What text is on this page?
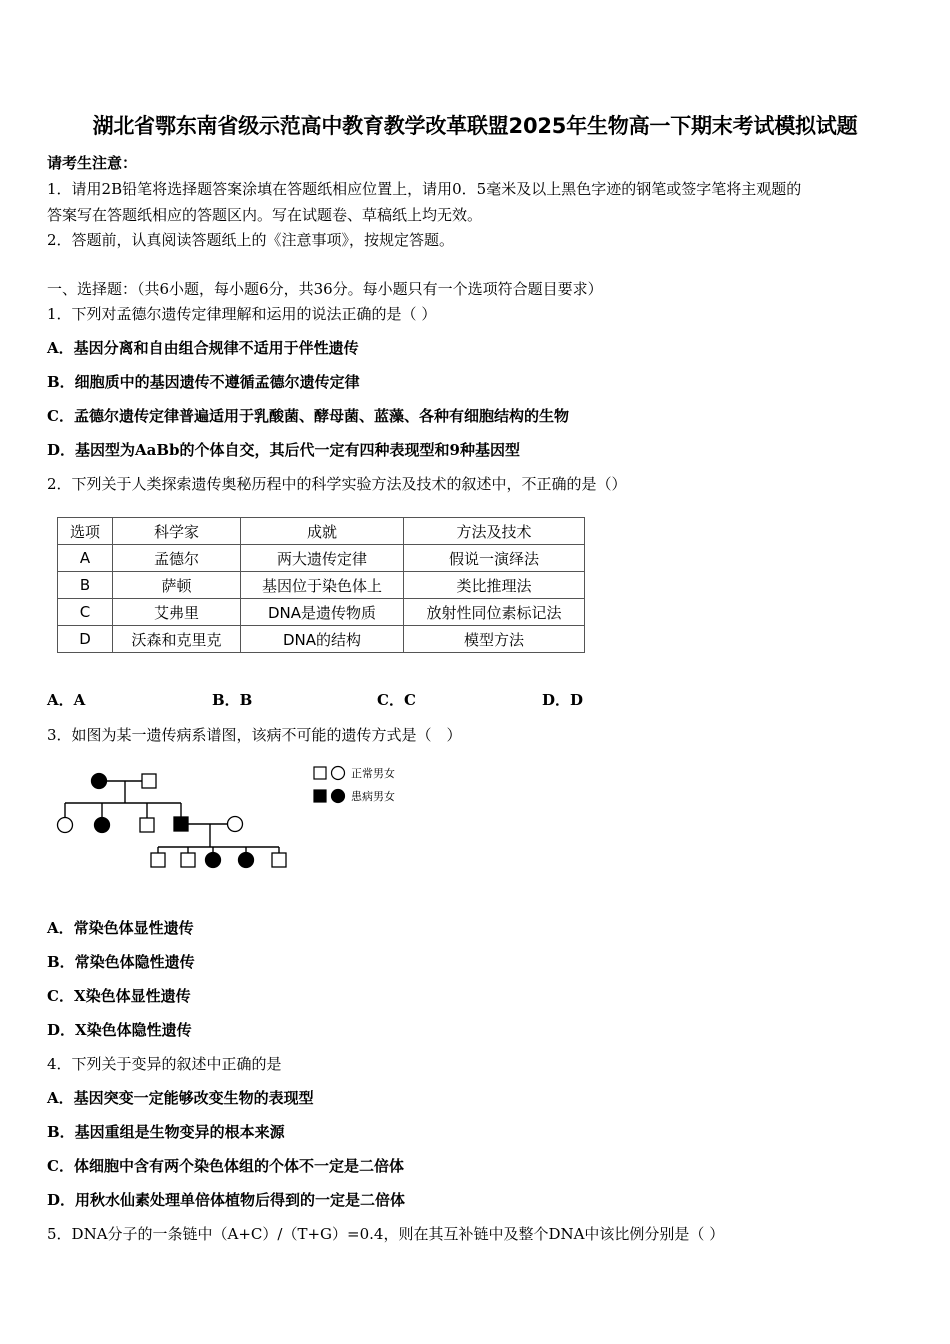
湖北省鄂东南省级示范高中教育教学改革联盟2025年生物高一下期末考试模拟试题
请考生注意：
1．请用2B铅笔将选择题答案涂填在答题纸相应位置上，请用0．5毫米及以上黑色字迹的钢笔或签字笔将主观题的
答案写在答题纸相应的答题区内。写在试题卷、草稿纸上均无效。
2．答题前，认真阅读答题纸上的《注意事项》，按规定答题。
一、选择题：（共6小题，每小题6分，共36分。每小题只有一个选项符合题目要求）
1．下列对孟德尔遗传定律理解和运用的说法正确的是（ ）
A．基因分离和自由组合规律不适用于伴性遗传
B．细胞质中的基因遗传不遵循孟德尔遗传定律
C．孟德尔遗传定律普遍适用于乳酸菌、酵母菌、蓝藻、各种有细胞结构的生物
D．基因型为AaBb的个体自交，其后代一定有四种表现型和9种基因型
2．下列关于人类探索遗传奥秘历程中的科学实验方法及技术的叙述中，不正确的是（）
选项	科学家	成就	方法及技术
A	孟德尔	两大遗传定律	假说一演绎法
B	萨顿	基因位于染色体上	类比推理法
C	艾弗里	DNA是遗传物质	放射性同位素标记法
D	沃森和克里克	DNA的结构	模型方法
A．A	B．B	C．C	D．D
3．如图为某一遗传病系谱图，该病不可能的遗传方式是（　）
正常男女
患病男女
A．常染色体显性遗传
B．常染色体隐性遗传
C．X染色体显性遗传
D．X染色体隐性遗传
4．下列关于变异的叙述中正确的是
A．基因突变一定能够改变生物的表现型
B．基因重组是生物变异的根本来源
C．体细胞中含有两个染色体组的个体不一定是二倍体
D．用秋水仙素处理单倍体植物后得到的一定是二倍体
5．DNA分子的一条链中（A+C）/（T+G）=0.4，则在其互补链中及整个DNA中该比例分别是（ ）
